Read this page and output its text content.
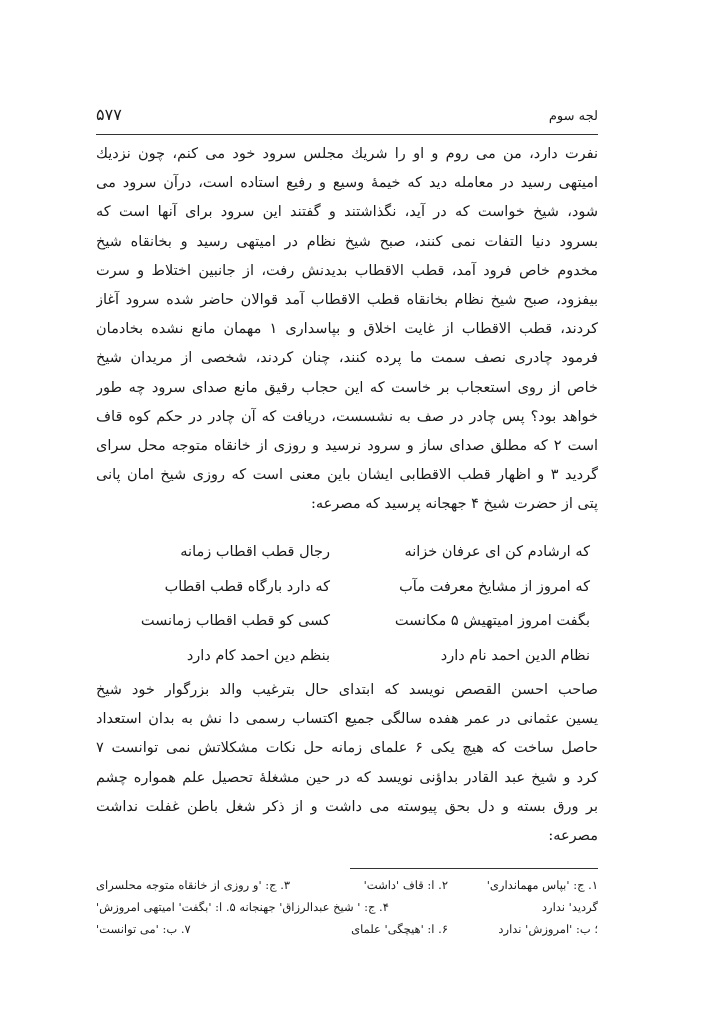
لجه سوم
۵۷۷
نفرت دارد، من می روم و او را شریك مجلس سرود خود می كنم، چون نزدیك
امیتهی رسید در معامله دید كه خیمهٔ وسیع و رفیع استاده است، درآن سرود می
شود، شیخ خواست كه در آید، نگذاشتند و گفتند این سرود برای آنها است كه
بسرود دنیا التفات نمی كنند، صبح شیخ نظام در امیتهی رسید و بخانقاه شیخ
مخدوم خاص فرود آمد، قطب الاقطاب بدیدنش رفت، از جانبین اختلاط و سرت
بیفزود، صبح شیخ نظام بخانقاه قطب الاقطاب آمد قوالان حاضر شده سرود آغاز
كردند، قطب الاقطاب از غایت اخلاق و بپاسداری ۱ مهمان مانع نشده بخادمان
فرمود چادری نصف سمت ما پرده كنند، چنان كردند، شخصی از مریدان شیخ
خاص از روی استعجاب بر خاست كه این حجاب رقیق مانع صدای سرود چه طور
خواهد بود؟ پس چادر در صف به نشسست، دریافت كه آن چادر در حكم كوه قاف
است ۲ كه مطلق صدای ساز و سرود نرسید و روزی از خانقاه متوجه محل سرای
گردید ۳ و اظهار قطب الاقطابی ایشان باین معنی است كه روزی شیخ امان پانی
پتی از حضرت شیخ ۴ جهجانه پرسید كه مصرعه:
كه ارشادم كن ای عرفان خزانه
رجال قطب اقطاب زمانه
كه امروز از مشایخ معرفت مآب
كه دارد بارگاه قطب اقطاب
بگفت امروز امیتهیش ۵ مكانست
كسی كو قطب اقطاب زمانست
نظام الدین احمد نام دارد
بنظم دین احمد كام دارد
صاحب احسن القصص نویسد كه ابتدای حال بترغیب والد بزرگوار خود شیخ
یسین عثمانی در عمر هفده سالگی جمیع اكتساب رسمی دا نش به بدان استعداد
حاصل ساخت كه هیچ یكی ۶ علمای زمانه حل نكات مشكلاتش نمی توانست ۷
كرد و شیخ عبد القادر بداؤنی نویسد كه در حین مشغلهٔ تحصیل علم همواره چشم
بر ورق بسته و دل بحق پیوسته می داشت و از ذكر شغل باطن غفلت نداشت
مصرعه:
۱. ج: 'بپاس مهمانداری'
۲. ا: قاف 'داشت'
۳. ج: 'و روزی از خانقاه متوجه محلسرای
گردید' ندارد
۴. ج: ' شیخ عبدالرزاق' جهنجانه ۵. ا: 'بگفت' امیتهی امروزش'
؛ ب: 'امروزش' ندارد
۶. ا: 'هیچگی' علمای
۷. ب: 'می توانست'
